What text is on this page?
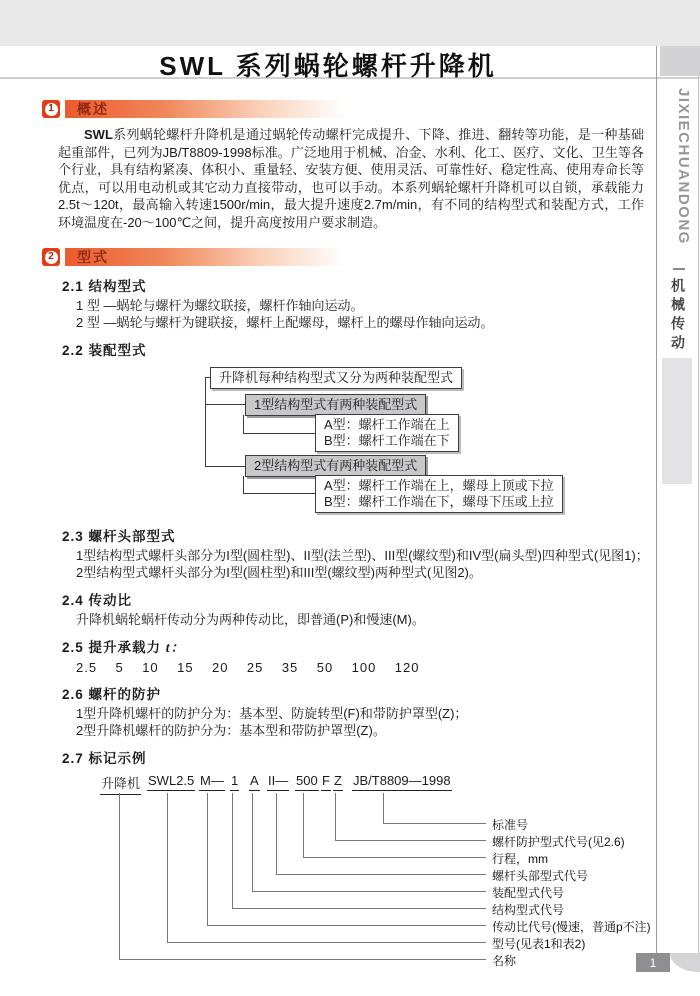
SWL 系列蜗轮螺杆升降机
1	概述
SWL系列蜗轮螺杆升降机是通过蜗轮传动螺杆完成提升、下降、推进、翻转等功能，是一种基础起重部件，已列为JB/T8809-1998标准。广泛地用于机械、冶金、水利、化工、医疗、文化、卫生等各个行业，具有结构紧凑、体积小、重量轻、安装方便、使用灵活、可靠性好、稳定性高、使用寿命长等优点，可以用电动机或其它动力直接带动，也可以手动。本系列蜗轮螺杆升降机可以自锁，承载能力2.5t～120t，最高输入转速1500r/min，最大提升速度2.7m/min，有不同的结构型式和装配方式，工作环境温度在-20～100℃之间，提升高度按用户要求制造。
2	型式
2.1 结构型式
1 型 —蜗轮与螺杆为螺纹联接，螺杆作轴向运动。
2 型 —蜗轮与螺杆为键联接，螺杆上配螺母，螺杆上的螺母作轴向运动。
2.2 装配型式
升降机每种结构型式又分为两种装配型式
1型结构型式有两种装配型式
A型：螺杆工作端在上
B型：螺杆工作端在下
2型结构型式有两种装配型式
A型：螺杆工作端在上，螺母上顶或下拉
B型：螺杆工作端在下，螺母下压或上拉
2.3 螺杆头部型式
1型结构型式螺杆头部分为I型(圆柱型)、II型(法兰型)、III型(螺纹型)和IV型(扁头型)四种型式(见图1)；
2型结构型式螺杆头部分为I型(圆柱型)和III型(螺纹型)两种型式(见图2)。
2.4 传动比
升降机蜗轮蜗杆传动分为两种传动比，即普通(P)和慢速(M)。
2.5 提升承载力 t：
2.5    5    10    15    20    25    35    50    100    120
2.6 螺杆的防护
1型升降机螺杆的防护分为：基本型、防旋转型(F)和带防护罩型(Z)；
2型升降机螺杆的防护分为：基本型和带防护罩型(Z)。
2.7 标记示例
升降机 SWL2.5 M— 1 A II— 500 F Z JB/T8809—1998
标准号
螺杆防护型式代号(见2.6)
行程，mm
螺杆头部型式代号
装配型式代号
结构型式代号
传动比代号(慢速，普通p不注)
型号(见表1和表2)
名称
JIXIECHUANDONG
机械传动
1
